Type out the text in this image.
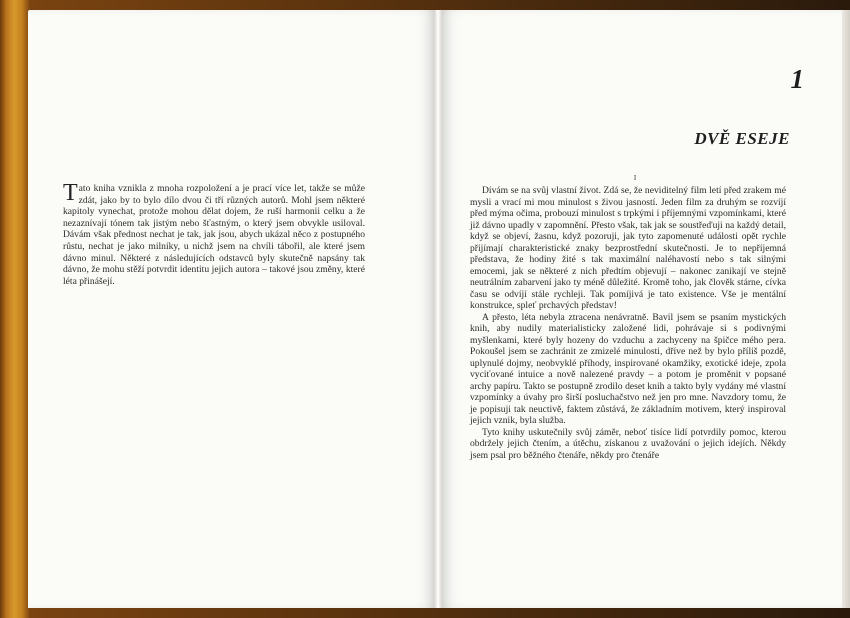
Tato kniha vznikla z mnoha rozpoložení a je prací více let, takže se může zdát, jako by to bylo dílo dvou či tří různých autorů. Mohl jsem některé kapitoly vynechat, protože mohou dělat dojem, že ruší harmonii celku a že nezaznívají tónem tak jistým nebo šťastným, o který jsem obvykle usiloval. Dávám však přednost nechat je tak, jak jsou, abych ukázal něco z postupného růstu, nechat je jako milníky, u nichž jsem na chvíli tábořil, ale které jsem dávno minul. Některé z následujících odstavců byly skutečně napsány tak dávno, že mohu stěží potvrdit identitu jejich autora – takové jsou změny, které léta přinášejí.

1
DVĚ ESEJE
I

Dívám se na svůj vlastní život. Zdá se, že neviditelný film letí před zrakem mé mysli a vrací mi mou minulost s živou jasností. Jeden film za druhým se rozvíjí před mýma očima, probouzí minulost s trpkými i příjemnými vzpomínkami, které již dávno upadly v zapomnění. Přesto však, tak jak se soustřeďuji na každý detail, když se objeví, žasnu, když pozoruji, jak tyto zapomenuté události opět rychle přijímají charakteristické znaky bezprostřední skutečnosti. Je to nepříjemná představa, že hodiny žité s tak maximální naléhavostí nebo s tak silnými emocemi, jak se některé z nich předtím objevují – nakonec zanikají ve stejně neutrálním zabarvení jako ty méně důležité. Kromě toho, jak člověk stárne, cívka času se odvíjí stále rychleji. Tak pomíjivá je tato existence. Vše je mentální konstrukce, spleť prchavých představ!

A přesto, léta nebyla ztracena nenávratně. Bavil jsem se psaním mystických knih, aby nudily materialisticky založené lidi, pohrávaje si s podivnými myšlenkami, které byly hozeny do vzduchu a zachyceny na špičce mého pera. Pokoušel jsem se zachránit ze zmizelé minulosti, dříve než by bylo příliš pozdě, uplynulé dojmy, neobvyklé příhody, inspirované okamžiky, exotické ideje, zpola vyciťované intuice a nově nalezené pravdy – a potom je proměnit v popsané archy papíru. Takto se postupně zrodilo deset knih a takto byly vydány mé vlastní vzpomínky a úvahy pro širší posluchačstvo než jen pro mne. Navzdory tomu, že je popisuji tak neuctivě, faktem zůstává, že základním motivem, který inspiroval jejich vznik, byla služba.

Tyto knihy uskutečnily svůj záměr, neboť tisíce lidí potvrdily pomoc, kterou obdržely jejich čtením, a útěchu, získanou z uvažování o jejich idejích. Někdy jsem psal pro běžného čtenáře, někdy pro čtenáře
